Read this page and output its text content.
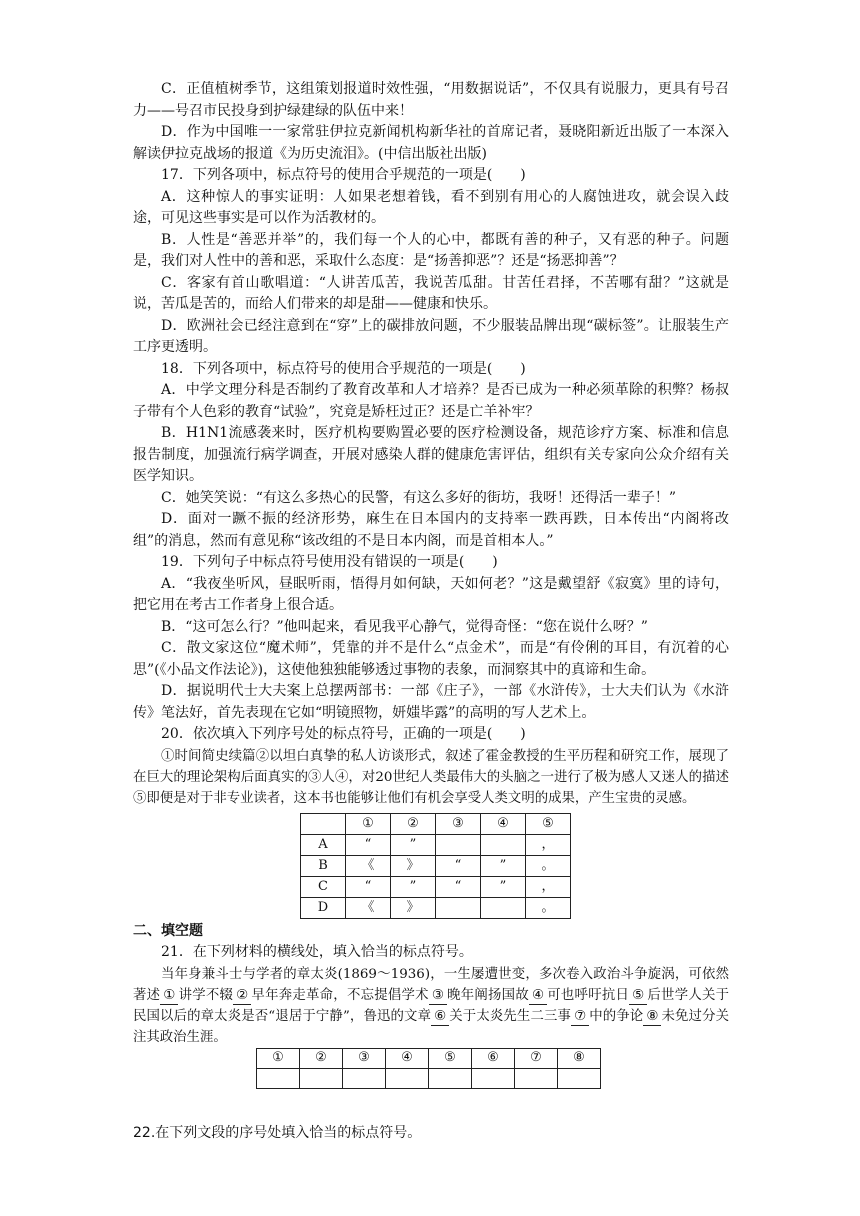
C．正值植树季节，这组策划报道时效性强，“用数据说话”，不仅具有说服力，更具有号召力——号召市民投身到护绿建绿的队伍中来！

D．作为中国唯一一家常驻伊拉克新闻机构新华社的首席记者，聂晓阳新近出版了一本深入解读伊拉克战场的报道《为历史流泪》。(中信出版社出版)

17．下列各项中，标点符号的使用合乎规范的一项是(　　)

A．这种惊人的事实证明：人如果老想着钱，看不到别有用心的人腐蚀进攻，就会误入歧途，可见这些事实是可以作为活教材的。

B．人性是“善恶并举”的，我们每一个人的心中，都既有善的种子，又有恶的种子。问题是，我们对人性中的善和恶，采取什么态度：是“扬善抑恶”？还是“扬恶抑善”？

C．客家有首山歌唱道：“人讲苦瓜苦，我说苦瓜甜。甘苦任君择，不苦哪有甜？”这就是说，苦瓜是苦的，而给人们带来的却是甜——健康和快乐。

D．欧洲社会已经注意到在“穿”上的碳排放问题，不少服装品牌出现“碳标签”。让服装生产工序更透明。

18．下列各项中，标点符号的使用合乎规范的一项是(　　)

A．中学文理分科是否制约了教育改革和人才培养？是否已成为一种必须革除的积弊？杨叔子带有个人色彩的教育“试验”，究竟是矫枉过正？还是亡羊补牢？

B．H1N1流感袭来时，医疗机构要购置必要的医疗检测设备，规范诊疗方案、标准和信息报告制度，加强流行病学调查，开展对感染人群的健康危害评估，组织有关专家向公众介绍有关医学知识。

C．她笑笑说：“有这么多热心的民警，有这么多好的街坊，我呀！还得活一辈子！”

D．面对一蹶不振的经济形势，麻生在日本国内的支持率一跌再跌，日本传出“内阁将改组”的消息，然而有意见称“该改组的不是日本内阁，而是首相本人。”

19．下列句子中标点符号使用没有错误的一项是(　　)

A．“我夜坐听风，昼眠听雨，悟得月如何缺，天如何老？”这是戴望舒《寂寞》里的诗句，把它用在考古工作者身上很合适。

B．“这可怎么行？”他叫起来，看见我平心静气，觉得奇怪：“您在说什么呀？”

C．散文家这位“魔术师”，凭靠的并不是什么“点金术”，而是“有伶俐的耳目，有沉着的心思”(《小品文作法论》)，这使他独独能够透过事物的表象，而洞察其中的真谛和生命。

D．据说明代士大夫案上总摆两部书：一部《庄子》，一部《水浒传》，士大夫们认为《水浒传》笔法好，首先表现在它如“明镜照物，妍媸毕露”的高明的写人艺术上。

20．依次填入下列序号处的标点符号，正确的一项是(　　)

①时间简史续篇②以坦白真挚的私人访谈形式，叙述了霍金教授的生平历程和研究工作，展现了在巨大的理论架构后面真实的③人④，对20世纪人类最伟大的头脑之一进行了极为感人又迷人的描述⑤即便是对于非专业读者，这本书也能够让他们有机会享受人类文明的成果，产生宝贵的灵感。

	①	②	③	④	⑤
A	“	”			，
B	《	》	“	”	。
C	“	”	“	”	，
D	《	》			。

二、填空题

21．在下列材料的横线处，填入恰当的标点符号。

当年身兼斗士与学者的章太炎(1869～1936)，一生屡遭世变，多次卷入政治斗争旋涡，可依然著述 ① 讲学不辍 ② 早年奔走革命，不忘提倡学术 ③ 晚年阐扬国故 ④ 可也呼吁抗日 ⑤ 后世学人关于民国以后的章太炎是否“退居于宁静”，鲁迅的文章 ⑥ 关于太炎先生二三事 ⑦ 中的争论 ⑧ 未免过分关注其政治生涯。

①	②	③	④	⑤	⑥	⑦	⑧

22.在下列文段的序号处填入恰当的标点符号。
